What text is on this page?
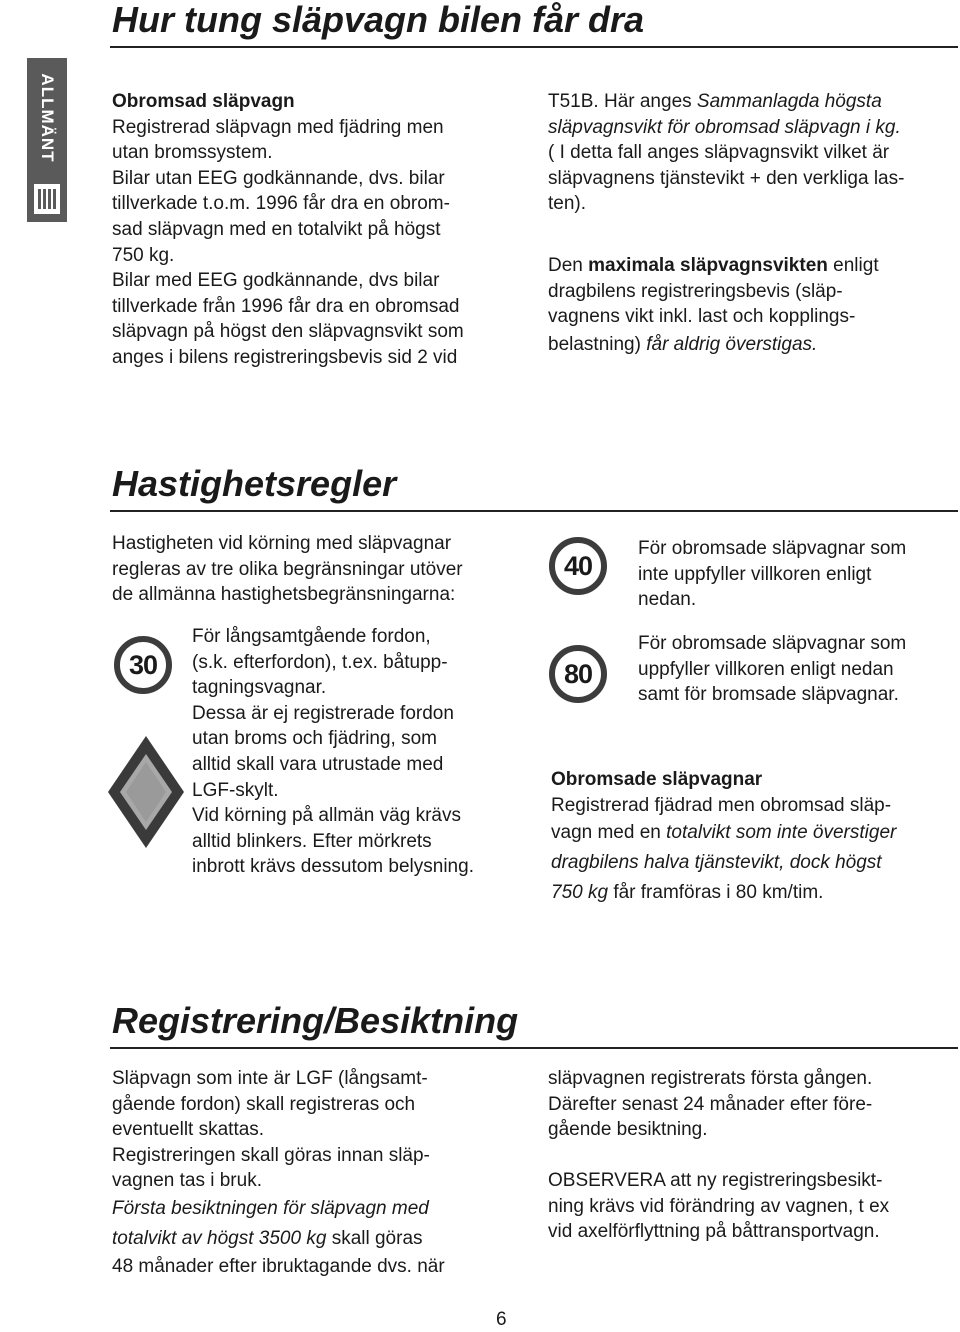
Hur tung släpvagn bilen får dra
ALLMÄNT	Obromsad släpvagn
Registrerad släpvagn med fjädring men
utan bromssystem.
Bilar utan EEG godkännande, dvs. bilar
tillverkade t.o.m. 1996 får dra en obrom-
sad släpvagn med en totalvikt på högst
750 kg.
Bilar med EEG godkännande, dvs bilar
tillverkade från 1996 får dra en obromsad
släpvagn på högst den släpvagnsvikt som
anges i bilens registreringsbevis sid 2 vid
T51B. Här anges Sammanlagda högsta
släpvagnsvikt för obromsad släpvagn i kg.
( I detta fall anges släpvagnsvikt vilket är
släpvagnens tjänstevikt + den verkliga las-
ten).
Den maximala släpvagnsvikten enligt
dragbilens registreringsbevis (släp-
vagnens vikt inkl. last och kopplings-
belastning) får aldrig överstigas.
Hastighetsregler
Hastigheten vid körning med släpvagnar
regleras av tre olika begränsningar utöver
de allmänna hastighetsbegränsningarna:
30
För långsamtgående fordon,
(s.k. efterfordon), t.ex. båtupp-
tagningsvagnar.
Dessa är ej registrerade fordon
utan broms och fjädring, som
alltid skall vara utrustade med
LGF-skylt.
Vid körning på allmän väg krävs
alltid blinkers. Efter mörkrets
inbrott krävs dessutom belysning.
40
För obromsade släpvagnar som
inte uppfyller villkoren enligt
nedan.
80
För obromsade släpvagnar som
uppfyller villkoren enligt nedan
samt för bromsade släpvagnar.
Obromsade släpvagnar
Registrerad fjädrad men obromsad släp-
vagn med en totalvikt som inte överstiger
dragbilens halva tjänstevikt, dock högst
750 kg får framföras i 80 km/tim.
Registrering/Besiktning
Släpvagn som inte är LGF (långsamt-
gående fordon) skall registreras och
eventuellt skattas.
Registreringen skall göras innan släp-
vagnen tas i bruk.
Första besiktningen för släpvagn med
totalvikt av högst 3500 kg skall göras
48 månader efter ibruktagande dvs. när
släpvagnen registrerats första gången.
Därefter senast 24 månader efter före-
gående besiktning.
OBSERVERA att ny registreringsbesikt-
ning krävs vid förändring av vagnen, t ex
vid axelförflyttning på båttransportvagn.
6
